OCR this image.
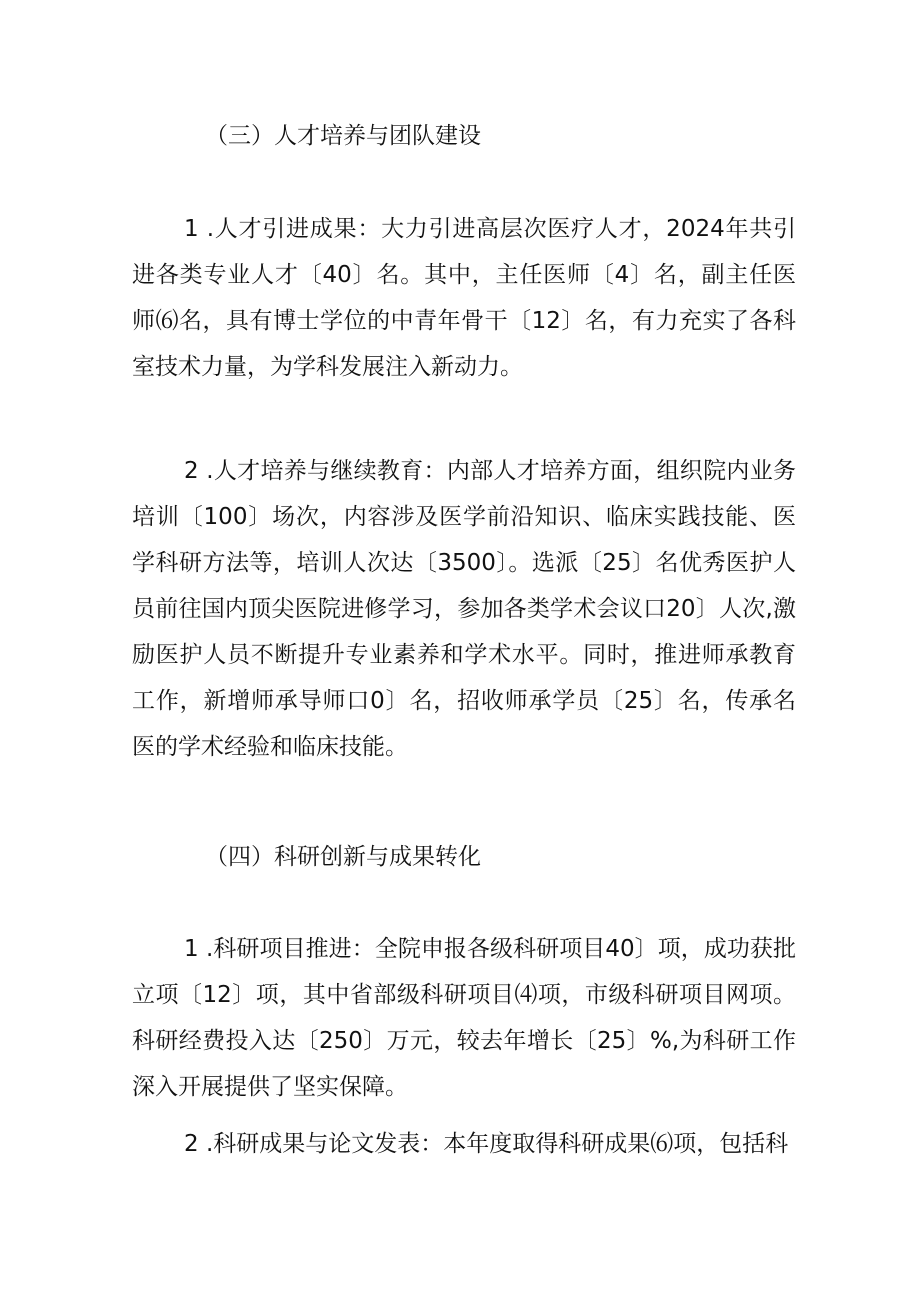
（三）人才培养与团队建设

1 .人才引进成果：大力引进高层次医疗人才，2024年共引进各类专业人才〔40〕名。其中，主任医师〔4〕名，副主任医师⑹名，具有博士学位的中青年骨干〔12〕名，有力充实了各科室技术力量，为学科发展注入新动力。

2 .人才培养与继续教育：内部人才培养方面，组织院内业务培训〔100〕场次，内容涉及医学前沿知识、临床实践技能、医学科研方法等，培训人次达〔3500〕。选派〔25〕名优秀医护人员前往国内顶尖医院进修学习，参加各类学术会议口20〕人次,激励医护人员不断提升专业素养和学术水平。同时，推进师承教育工作，新增师承导师口0〕名，招收师承学员〔25〕名，传承名医的学术经验和临床技能。

（四）科研创新与成果转化

1 .科研项目推进：全院申报各级科研项目40〕项，成功获批立项〔12〕项，其中省部级科研项目⑷项，市级科研项目网项。科研经费投入达〔250〕万元，较去年增长〔25〕%,为科研工作深入开展提供了坚实保障。

2 .科研成果与论文发表：本年度取得科研成果⑹项，包括科
